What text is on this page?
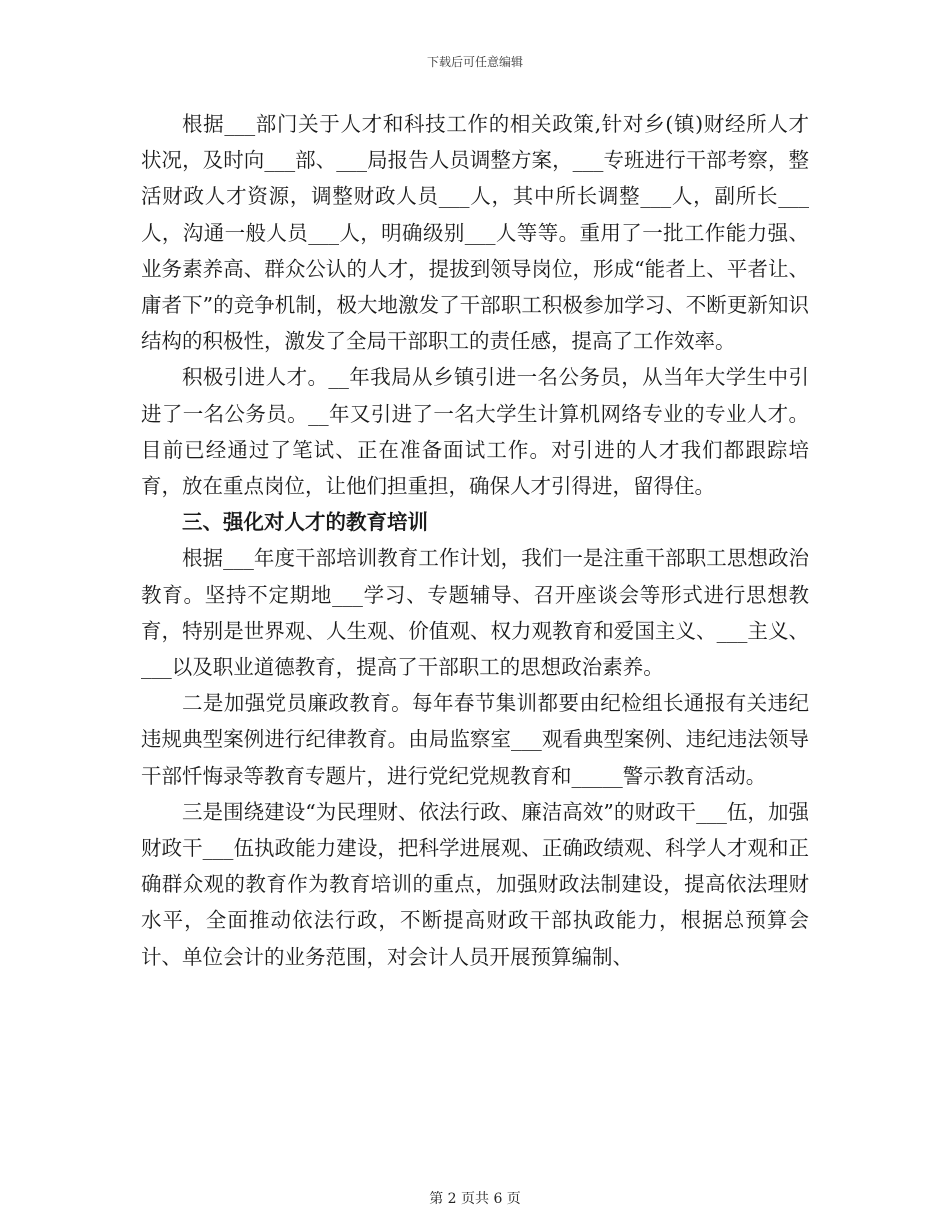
下载后可任意编辑

根据___部门关于人才和科技工作的相关政策,针对乡(镇)财经所人才状况，及时向___部、___局报告人员调整方案，___专班进行干部考察，整活财政人才资源，调整财政人员___人，其中所长调整___人，副所长___人，沟通一般人员___人，明确级别___人等等。重用了一批工作能力强、业务素养高、群众公认的人才，提拔到领导岗位，形成“能者上、平者让、庸者下”的竞争机制，极大地激发了干部职工积极参加学习、不断更新知识结构的积极性，激发了全局干部职工的责任感，提高了工作效率。

积极引进人才。__年我局从乡镇引进一名公务员，从当年大学生中引进了一名公务员。__年又引进了一名大学生计算机网络专业的专业人才。目前已经通过了笔试、正在准备面试工作。对引进的人才我们都跟踪培育，放在重点岗位，让他们担重担，确保人才引得进，留得住。

三、强化对人才的教育培训

根据___年度干部培训教育工作计划，我们一是注重干部职工思想政治教育。坚持不定期地___学习、专题辅导、召开座谈会等形式进行思想教育，特别是世界观、人生观、价值观、权力观教育和爱国主义、___主义、___以及职业道德教育，提高了干部职工的思想政治素养。

二是加强党员廉政教育。每年春节集训都要由纪检组长通报有关违纪违规典型案例进行纪律教育。由局监察室___观看典型案例、违纪违法领导干部忏悔录等教育专题片，进行党纪党规教育和_____警示教育活动。

三是围绕建设“为民理财、依法行政、廉洁高效”的财政干___伍，加强财政干___伍执政能力建设，把科学进展观、正确政绩观、科学人才观和正确群众观的教育作为教育培训的重点，加强财政法制建设，提高依法理财水平，全面推动依法行政，不断提高财政干部执政能力，根据总预算会计、单位会计的业务范围，对会计人员开展预算编制、

第 2 页共 6 页
